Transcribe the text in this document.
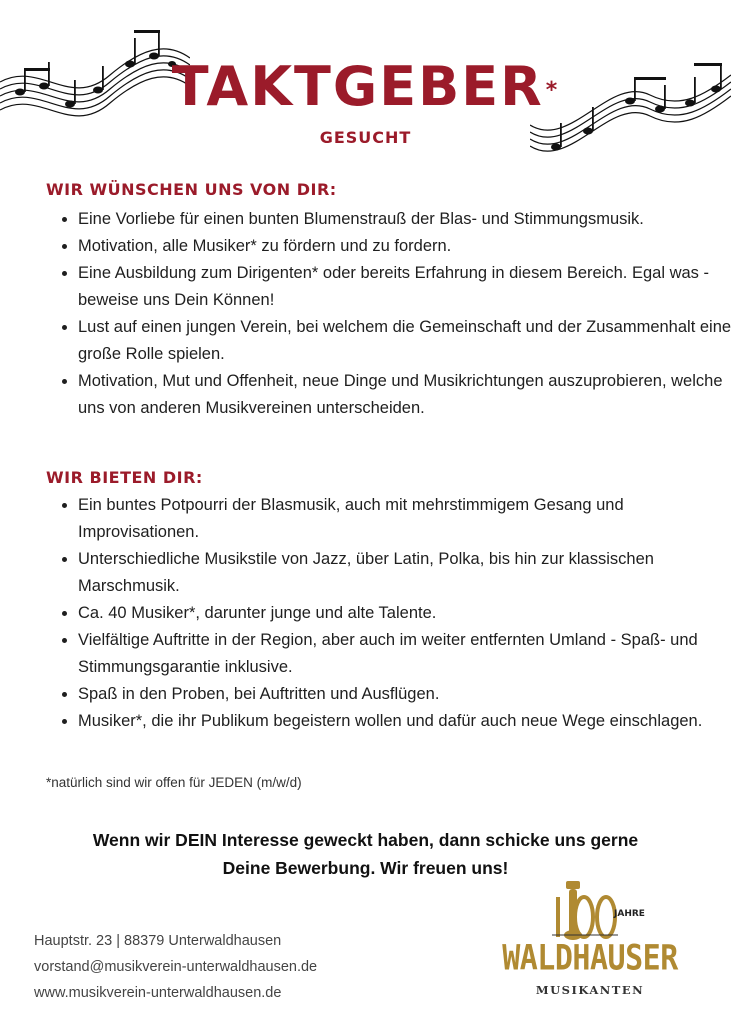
TAKTGEBER*
GESUCHT
WIR WÜNSCHEN UNS VON DIR:
• Eine Vorliebe für einen bunten Blumenstrauß der Blas- und Stimmungsmusik.
• Motivation, alle Musiker* zu fördern und zu fordern.
• Eine Ausbildung zum Dirigenten* oder bereits Erfahrung in diesem Bereich. Egal was - beweise uns Dein Können!
• Lust auf einen jungen Verein, bei welchem die Gemeinschaft und der Zusammenhalt eine große Rolle spielen.
• Motivation, Mut und Offenheit, neue Dinge und Musikrichtungen auszuprobieren, welche uns von anderen Musikvereinen unterscheiden.
WIR BIETEN DIR:
• Ein buntes Potpourri der Blasmusik, auch mit mehrstimmigem Gesang und Improvisationen.
• Unterschiedliche Musikstile von Jazz, über Latin, Polka, bis hin zur klassischen Marschmusik.
• Ca. 40 Musiker*, darunter junge und alte Talente.
• Vielfältige Auftritte in der Region, aber auch im weiter entfernten Umland - Spaß- und Stimmungsgarantie inklusive.
• Spaß in den Proben, bei Auftritten und Ausflügen.
• Musiker*, die ihr Publikum begeistern wollen und dafür auch neue Wege einschlagen.
*natürlich sind wir offen für JEDEN (m/w/d)
Wenn wir DEIN Interesse geweckt haben, dann schicke uns gerne
Deine Bewerbung. Wir freuen uns!
Hauptstr. 23 | 88379 Unterwaldhausen
vorstand@musikverein-unterwaldhausen.de
www.musikverein-unterwaldhausen.de
JAHRE
WALDHAUSER
MUSIKANTEN
